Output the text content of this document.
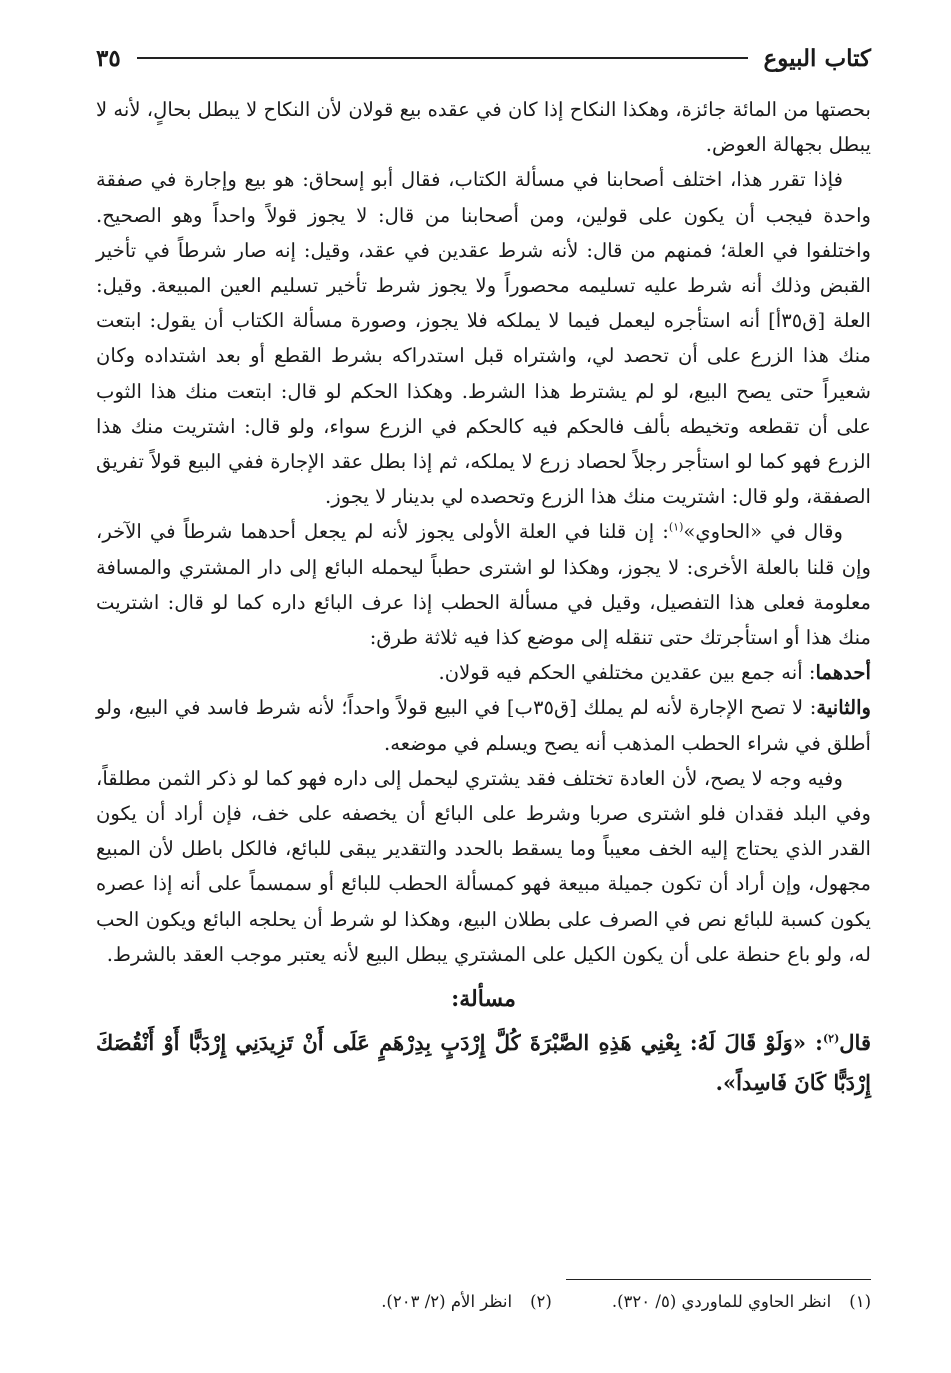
كتاب البيوع
٣٥

بحصتها من المائة جائزة، وهكذا النكاح إذا كان في عقده بيع قولان لأن النكاح لا يبطل بحالٍ، لأنه لا يبطل بجهالة العوض.

فإذا تقرر هذا، اختلف أصحابنا في مسألة الكتاب، فقال أبو إسحاق: هو بيع وإجارة في صفقة واحدة فيجب أن يكون على قولين، ومن أصحابنا من قال: لا يجوز قولاً واحداً وهو الصحيح. واختلفوا في العلة؛ فمنهم من قال: لأنه شرط عقدين في عقد، وقيل: إنه صار شرطاً في تأخير القبض وذلك أنه شرط عليه تسليمه محصوراً ولا يجوز شرط تأخير تسليم العين المبيعة. وقيل: العلة [ق٣٥أ] أنه استأجره ليعمل فيما لا يملكه فلا يجوز، وصورة مسألة الكتاب أن يقول: ابتعت منك هذا الزرع على أن تحصد لي، واشتراه قبل استدراكه بشرط القطع أو بعد اشتداده وكان شعيراً حتى يصح البيع، لو لم يشترط هذا الشرط. وهكذا الحكم لو قال: ابتعت منك هذا الثوب على أن تقطعه وتخيطه بألف فالحكم فيه كالحكم في الزرع سواء، ولو قال: اشتريت منك هذا الزرع فهو كما لو استأجر رجلاً لحصاد زرع لا يملكه، ثم إذا بطل عقد الإجارة ففي البيع قولاً تفريق الصفقة، ولو قال: اشتريت منك هذا الزرع وتحصده لي بدينار لا يجوز.

وقال في «الحاوي»$^{(١)}$: إن قلنا في العلة الأولى يجوز لأنه لم يجعل أحدهما شرطاً في الآخر، وإن قلنا بالعلة الأخرى: لا يجوز، وهكذا لو اشترى حطباً ليحمله البائع إلى دار المشتري والمسافة معلومة فعلى هذا التفصيل، وقيل في مسألة الحطب إذا عرف البائع داره كما لو قال: اشتريت منك هذا أو استأجرتك حتى تنقله إلى موضع كذا فيه ثلاثة طرق:

أحدهما: أنه جمع بين عقدين مختلفي الحكم فيه قولان.

والثانية: لا تصح الإجارة لأنه لم يملك [ق٣٥ب] في البيع قولاً واحداً؛ لأنه شرط فاسد في البيع، ولو أطلق في شراء الحطب المذهب أنه يصح ويسلم في موضعه.

وفيه وجه لا يصح، لأن العادة تختلف فقد يشتري ليحمل إلى داره فهو كما لو ذكر الثمن مطلقاً، وفي البلد فقدان فلو اشترى صربا وشرط على البائع أن يخصفه على خف، فإن أراد أن يكون القدر الذي يحتاج إليه الخف معيباً وما يسقط بالحدد والتقدير يبقى للبائع، فالكل باطل لأن المبيع مجهول، وإن أراد أن تكون جميلة مبيعة فهو كمسألة الحطب للبائع أو سمسماً على أنه إذا عصره يكون كسبة للبائع نص في الصرف على بطلان البيع، وهكذا لو شرط أن يحلجه البائع ويكون الحب له، ولو باع حنطة على أن يكون الكيل على المشتري يبطل البيع لأنه يعتبر موجب العقد بالشرط.

مسألة:

قال$^{(٢)}$: «وَلَوْ قَالَ لَهُ: بِعْنِي هَذِهِ الصَّبْرَةَ كُلَّ إِرْدَبٍ بِدِرْهَمٍ عَلَى أَنْ تَزِيدَنِي إِرْدَبًّا أَوْ أَنْقُصَكَ إِرْدَبًّا كَانَ فَاسِداً».

(١)انظر الحاوي للماوردي (٥/ ٣٢٠).
(٢)انظر الأم (٢/ ٢٠٣).
